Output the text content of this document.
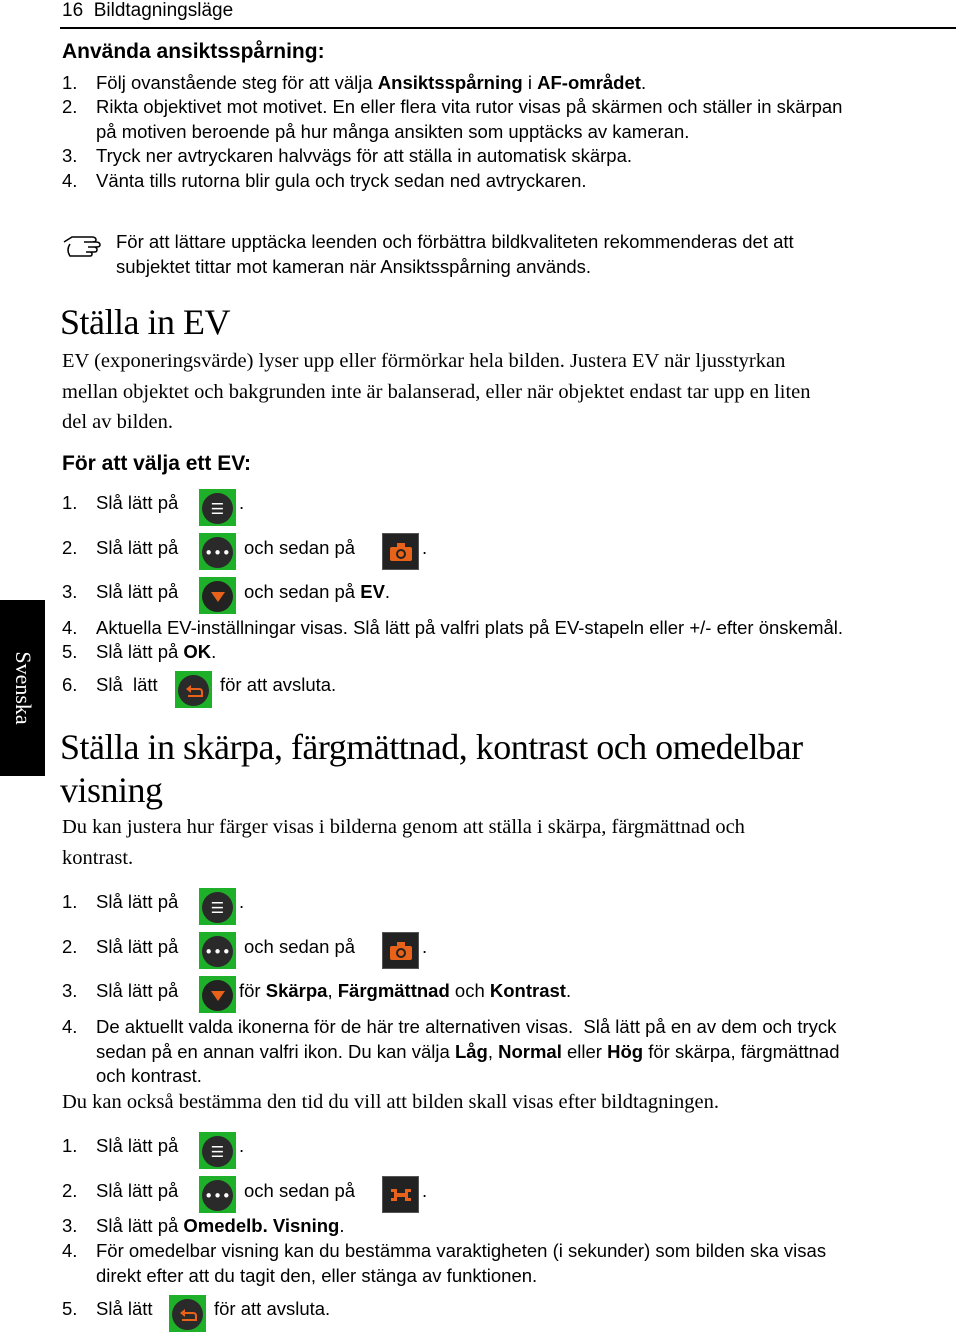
16 Bildtagningsläge
Svenska
Använda ansiktsspårning:
1. Följ ovanstående steg för att välja Ansiktsspårning i AF-området.
2. Rikta objektivet mot motivet. En eller flera vita rutor visas på skärmen och ställer in skärpan
på motiven beroende på hur många ansikten som upptäcks av kameran.
3. Tryck ner avtryckaren halvvägs för att ställa in automatisk skärpa.
4. Vänta tills rutorna blir gula och tryck sedan ned avtryckaren.
För att lättare upptäcka leenden och förbättra bildkvaliteten rekommenderas det att
subjektet tittar mot kameran när Ansiktsspårning används.
Ställa in EV
EV (exponeringsvärde) lyser upp eller förmörkar hela bilden. Justera EV när ljusstyrkan
mellan objektet och bakgrunden inte är balanserad, eller när objektet endast tar upp en liten
del av bilden.
För att välja ett EV:
1. Slå lätt på	.
☰
2. Slå lätt på	och sedan på	.
•••
3. Slå lätt på	och sedan på EV.
4. Aktuella EV-inställningar visas. Slå lätt på valfri plats på EV-stapeln eller +/- efter önskemål.
5. Slå lätt på OK.
6. Slå  lätt	för att avsluta.
Ställa in skärpa, färgmättnad, kontrast och omedelbar
visning
Du kan justera hur färger visas i bilderna genom att ställa i skärpa, färgmättnad och
kontrast.
1. Slå lätt på	.
☰
2. Slå lätt på	och sedan på	.
•••
3. Slå lätt på	för Skärpa, Färgmättnad och Kontrast.
4. De aktuellt valda ikonerna för de här tre alternativen visas.  Slå lätt på en av dem och tryck
sedan på en annan valfri ikon. Du kan välja Låg, Normal eller Hög för skärpa, färgmättnad
och kontrast.
Du kan också bestämma den tid du vill att bilden skall visas efter bildtagningen.
1. Slå lätt på	.
☰
2. Slå lätt på	och sedan på	.
•••
3. Slå lätt på Omedelb. Visning.
4. För omedelbar visning kan du bestämma varaktigheten (i sekunder) som bilden ska visas
direkt efter att du tagit den, eller stänga av funktionen.
5. Slå lätt	för att avsluta.
